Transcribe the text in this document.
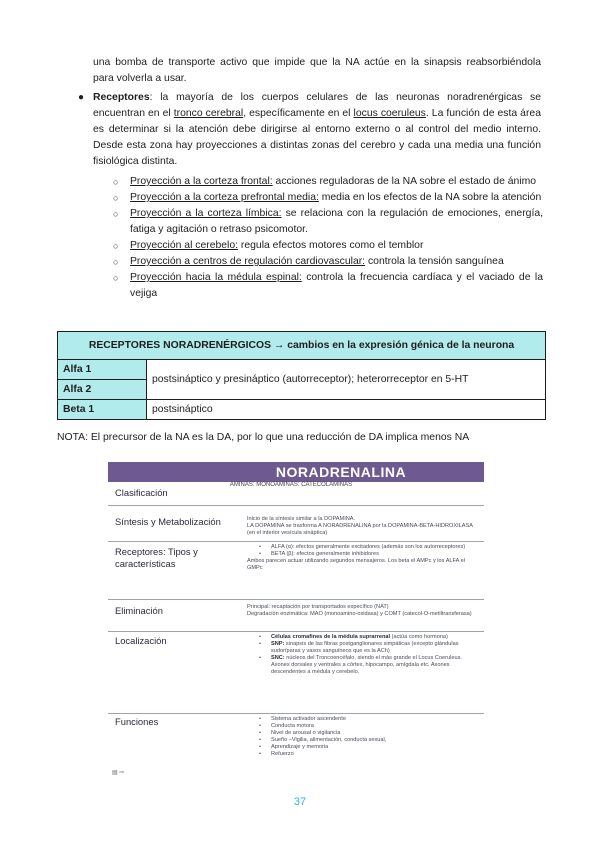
una bomba de transporte activo que impide que la NA actúe en la sinapsis reabsorbiéndola
para volverla a usar.
● Receptores: la mayoría de los cuerpos celulares de las neuronas noradrenérgicas se encuentran en el tronco cerebral, específicamente en el locus coeruleus. La función de esta área es determinar si la atención debe dirigirse al entorno externo o al control del medio interno. Desde esta zona hay proyecciones a distintas zonas del cerebro y cada una media una función fisiológica distinta.
○ Proyección a la corteza frontal: acciones reguladoras de la NA sobre el estado de ánimo
○ Proyección a la corteza prefrontal media: media en los efectos de la NA sobre la atención
○ Proyección a la corteza límbica: se relaciona con la regulación de emociones, energía, fatiga y agitación o retraso psicomotor.
○ Proyección al cerebelo: regula efectos motores como el temblor
○ Proyección a centros de regulación cardiovascular: controla la tensión sanguínea
○ Proyección hacia la médula espinal: controla la frecuencia cardíaca y el vaciado de la vejiga
RECEPTORES NORADRENÉRGICOS → cambios en la expresión génica de la neurona	
Alfa 1	postsináptico y presináptico (autorreceptor); heterorreceptor en 5-HT
Alfa 2	
Beta 1	postsináptico
NOTA: El precursor de la NA es la DA, por lo que una reducción de DA implica menos NA
NORADRENALINA
AMINAS: MONOAMINAS: CATECOLAMINAS
Clasificación
Síntesis y Metabolización	Inicio de la síntesis similar a la DOPAMINA.
LA DOPAMINA se trasforma A NORADRENALINA por la DOPAMINA-BETA-HIDROXILASA (en el interior vesícula sináptica)
Receptores: Tipos y características
• ALFA (α): efectos generalmente excitadores (además son los autorreceptores)
• BETA (β): efectos generalmente inhibidores
Ambos parecen actuar utilizando segundos mensajeros. Los beta el AMPc y los ALFA el GMPc
Eliminación	Principal: recaptación por transportados específico (NAT)
Degradación enzimática: MAO (monoamino-oxidasa) y COMT (catecol-O-metiltransferasa)
Localización	• Células cromafines de la médula suprarrenal (actúa como hormona)
• SNP: sinapsis de las fibras postganglionares simpáticas (excepto glándulas sudoríparas y vasos sanguíneos que es la ACh)
• SNC: núcleos del Troncoencéfalo, siendo el más grande el Locus Coeruleus. Axones dorsales y ventrales a córtex, hipocampo, amígdala etc. Axones descendentes a médula y cerebelo.
Funciones	• Sistema activador ascendente
• Conducta motora
• Nivel de arousal o vigilancia
• Sueño –Vigilia, alimentación, conducta sexual,
• Aprendizaje y memoria
• Refuerzo
▤ ⇨
37
